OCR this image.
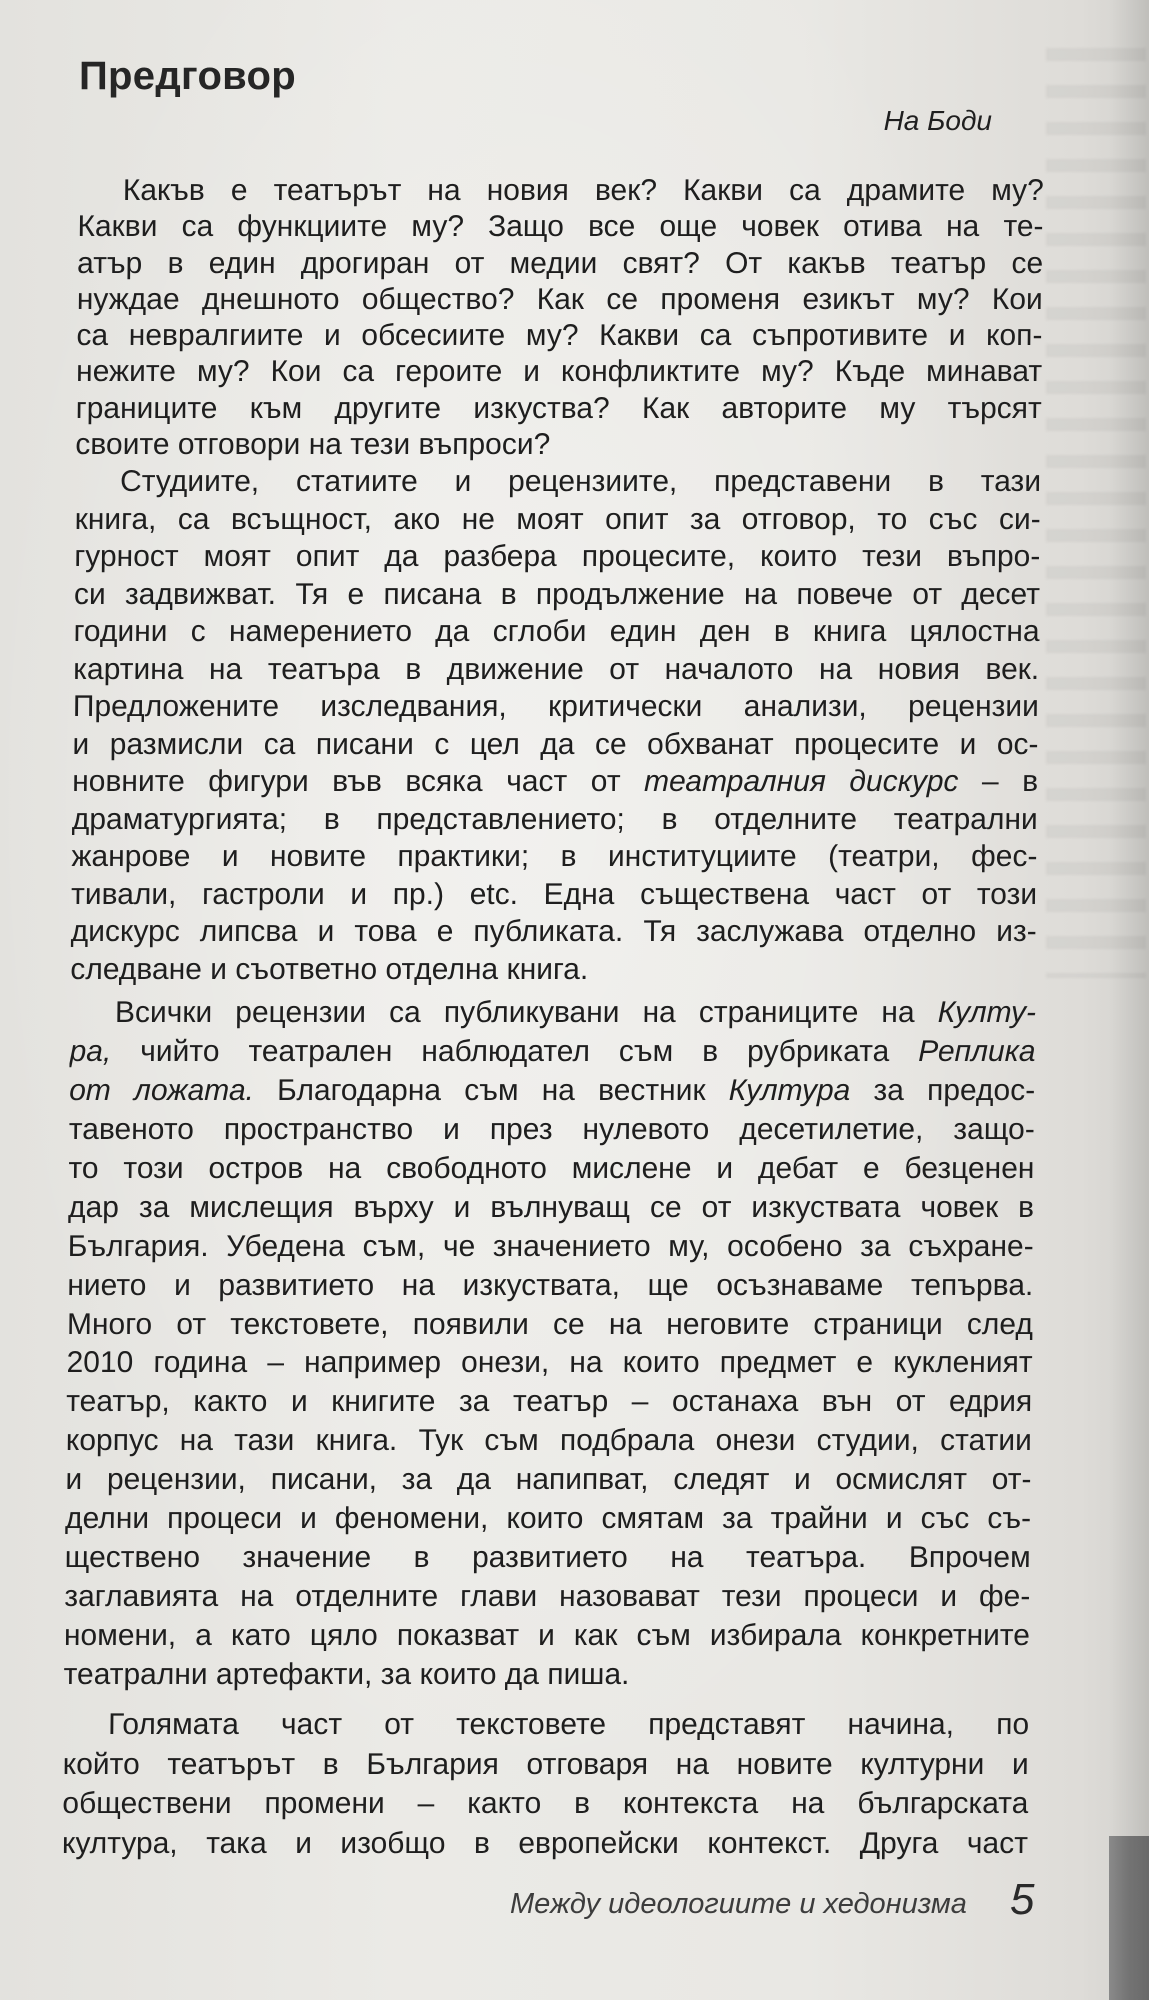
Предговор
На Боди
Какъв е театърът на новия век? Какви са драмите му?
Какви са функциите му? Защо все още човек отива на те-
атър в един дрогиран от медии свят? От какъв театър се
нуждае днешното общество? Как се променя езикът му? Кои
са невралгиите и обсесиите му? Какви са съпротивите и коп-
нежите му? Кои са героите и конфликтите му? Къде минават
границите към другите изкуства? Как авторите му търсят
своите отговори на тези въпроси?
Студиите, статиите и рецензиите, представени в тази
книга, са всъщност, ако не моят опит за отговор, то със си-
гурност моят опит да разбера процесите, които тези въпро-
си задвижват. Тя е писана в продължение на повече от десет
години с намерението да сглоби един ден в книга цялостна
картина на театъра в движение от началото на новия век.
Предложените изследвания, критически анализи, рецензии
и размисли са писани с цел да се обхванат процесите и ос-
новните фигури във всяка част от театралния дискурс – в
драматургията; в представлението; в отделните театрални
жанрове и новите практики; в институциите (театри, фес-
тивали, гастроли и пр.) etc. Една съществена част от този
дискурс липсва и това е публиката. Тя заслужава отделно из-
следване и съответно отделна книга.
Всички рецензии са публикувани на страниците на Култу-
ра, чийто театрален наблюдател съм в рубриката Реплика
от ложата. Благодарна съм на вестник Култура за предос-
тавеното пространство и през нулевото десетилетие, защо-
то този остров на свободното мислене и дебат е безценен
дар за мислещия върху и вълнуващ се от изкуствата човек в
България. Убедена съм, че значението му, особено за съхране-
нието и развитието на изкуствата, ще осъзнаваме тепърва.
Много от текстовете, появили се на неговите страници след
2010 година – например онези, на които предмет е кукленият
театър, както и книгите за театър – останаха вън от едрия
корпус на тази книга. Тук съм подбрала онези студии, статии
и рецензии, писани, за да напипват, следят и осмислят от-
делни процеси и феномени, които смятам за трайни и със съ-
ществено значение в развитието на театъра. Впрочем
заглавията на отделните глави назовават тези процеси и фе-
номени, а като цяло показват и как съм избирала конкретните
театрални артефакти, за които да пиша.
Голямата част от текстовете представят начина, по
който театърът в България отговаря на новите културни и
обществени промени – както в контекста на българската
култура, така и изобщо в европейски контекст. Друга част
Между идеологиите и хедонизма 5
